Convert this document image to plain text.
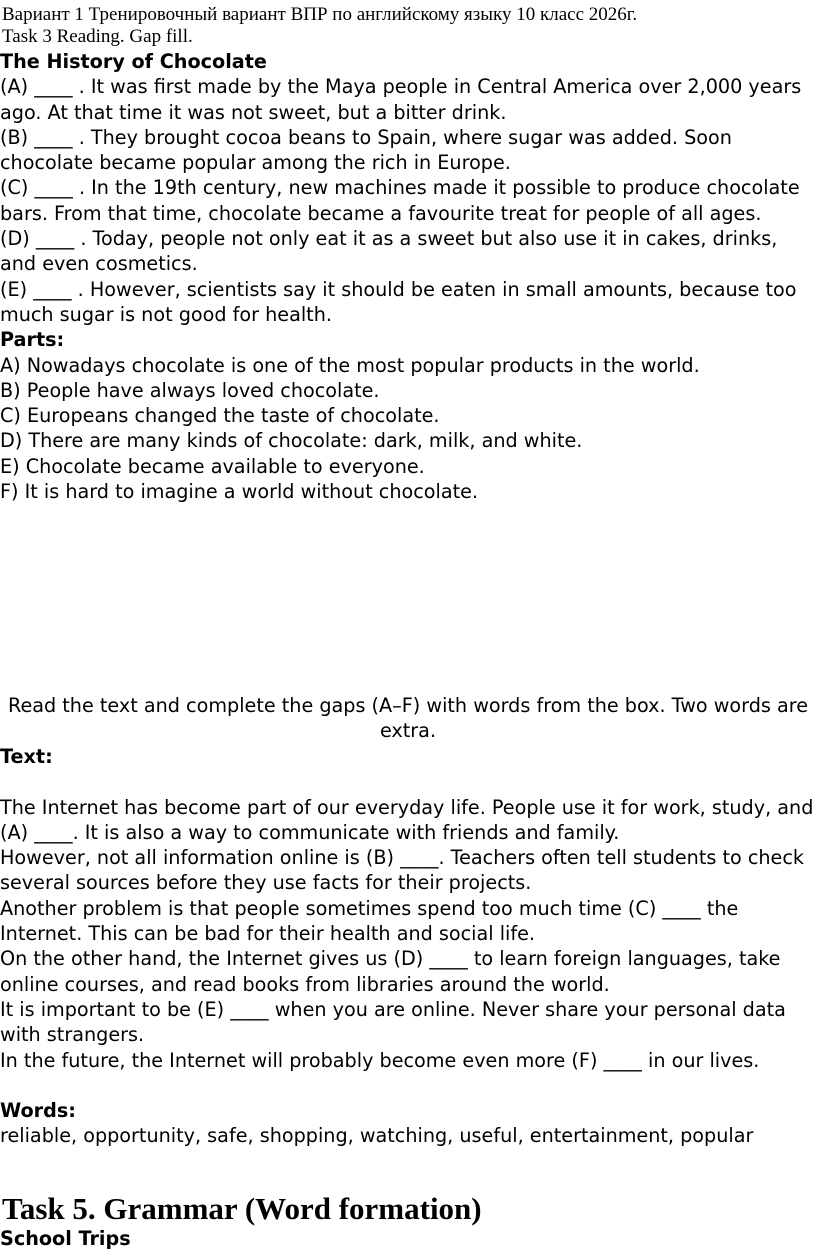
Вариант 1 Тренировочный вариант ВПР по английскому языку 10 класс 2026г.
Task 3 Reading. Gap fill.

The History of Chocolate

(A) ____ . It was first made by the Maya people in Central America over 2,000 years ago. At that time it was not sweet, but a bitter drink.

(B) ____ . They brought cocoa beans to Spain, where sugar was added. Soon chocolate became popular among the rich in Europe.

(C) ____ . In the 19th century, new machines made it possible to produce chocolate bars. From that time, chocolate became a favourite treat for people of all ages.

(D) ____ . Today, people not only eat it as a sweet but also use it in cakes, drinks, and even cosmetics.

(E) ____ . However, scientists say it should be eaten in small amounts, because too much sugar is not good for health.

Parts:

A) Nowadays chocolate is one of the most popular products in the world.

B) People have always loved chocolate.

C) Europeans changed the taste of chocolate.

D) There are many kinds of chocolate: dark, milk, and white.

E) Chocolate became available to everyone.

F) It is hard to imagine a world without chocolate.

Read the text and complete the gaps (A–F) with words from the box. Two words are extra.

Text:

The Internet has become part of our everyday life. People use it for work, study, and (A) ____. It is also a way to communicate with friends and family.

However, not all information online is (B) ____. Teachers often tell students to check several sources before they use facts for their projects.

Another problem is that people sometimes spend too much time (C) ____ the Internet. This can be bad for their health and social life.

On the other hand, the Internet gives us (D) ____ to learn foreign languages, take online courses, and read books from libraries around the world.

It is important to be (E) ____ when you are online. Never share your personal data with strangers.

In the future, the Internet will probably become even more (F) ____ in our lives.

Words:

reliable, opportunity, safe, shopping, watching, useful, entertainment, popular

Task 5. Grammar (Word formation)
School Trips
